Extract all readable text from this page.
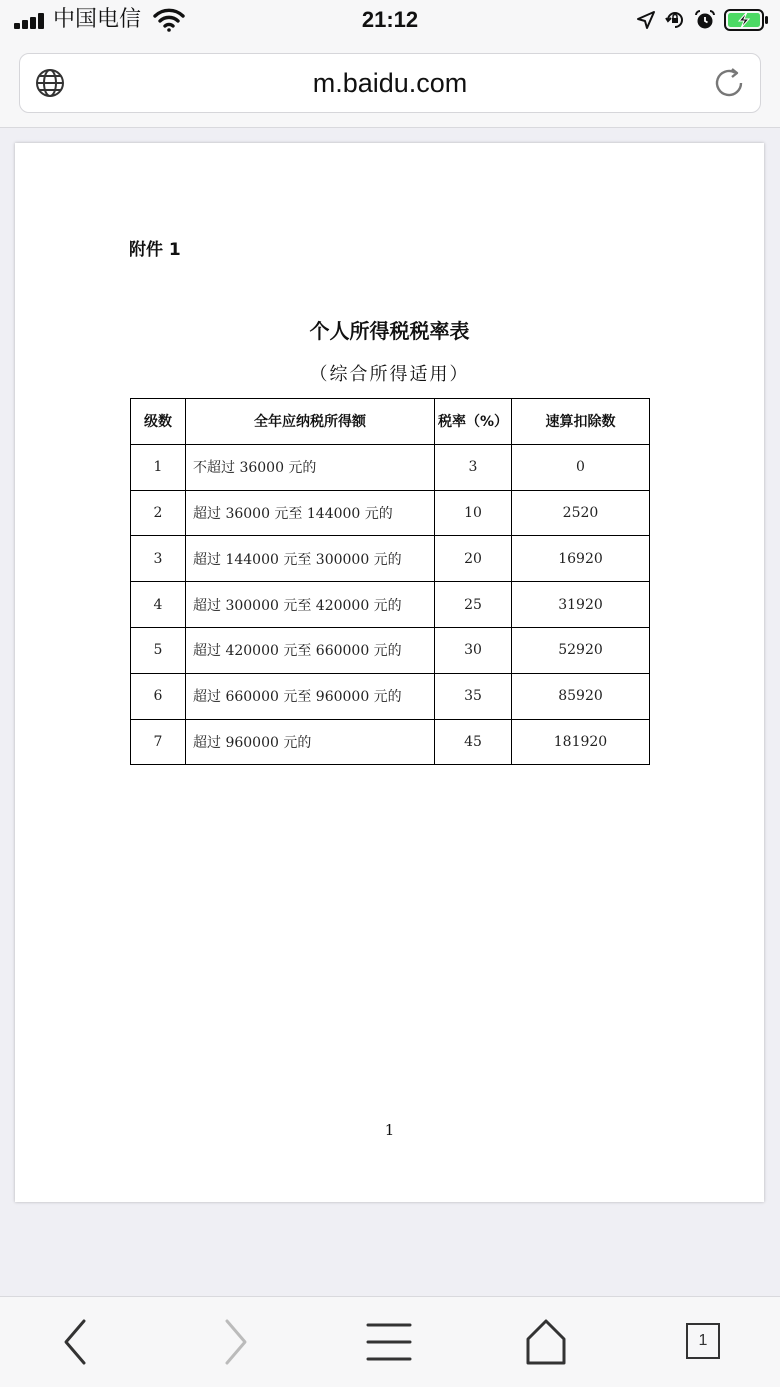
中国电信	21:12
m.baidu.com
附件 1
个人所得税税率表
（综合所得适用）
级数	全年应纳税所得额	税率（%）	速算扣除数
1	不超过 36000 元的	3	0
2	超过 36000 元至 144000 元的	10	2520
3	超过 144000 元至 300000 元的	20	16920
4	超过 300000 元至 420000 元的	25	31920
5	超过 420000 元至 660000 元的	30	52920
6	超过 660000 元至 960000 元的	35	85920
7	超过 960000 元的	45	181920
1
1
